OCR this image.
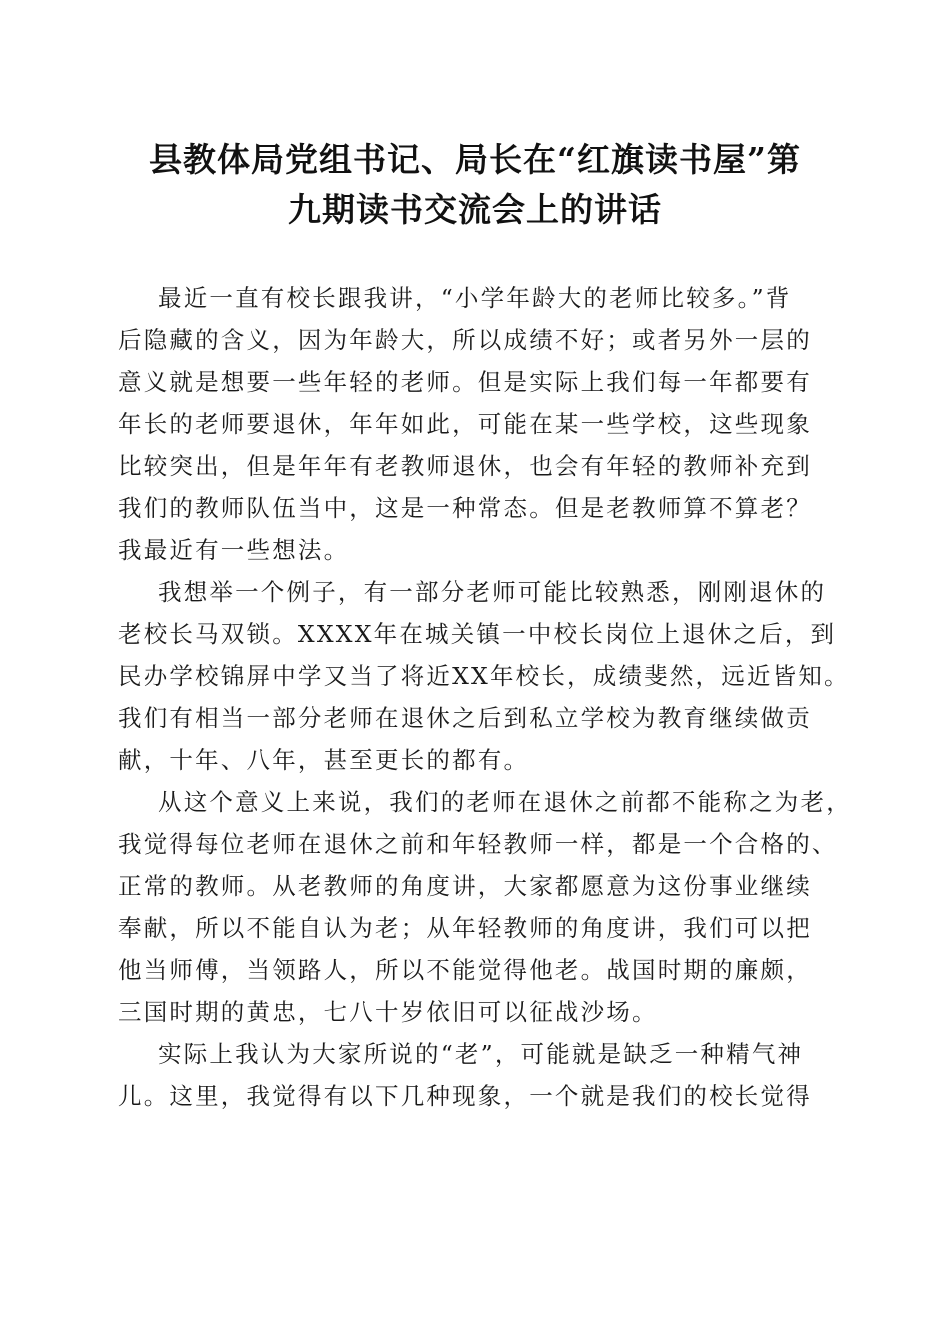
县教体局党组书记、局长在“红旗读书屋”第
九期读书交流会上的讲话
最近一直有校长跟我讲，“小学年龄大的老师比较多。”背
后隐藏的含义，因为年龄大，所以成绩不好；或者另外一层的
意义就是想要一些年轻的老师。但是实际上我们每一年都要有
年长的老师要退休，年年如此，可能在某一些学校，这些现象
比较突出，但是年年有老教师退休，也会有年轻的教师补充到
我们的教师队伍当中，这是一种常态。但是老教师算不算老？
我最近有一些想法。
我想举一个例子，有一部分老师可能比较熟悉，刚刚退休的
老校长马双锁。XXXX年在城关镇一中校长岗位上退休之后，到
民办学校锦屏中学又当了将近XX年校长，成绩斐然，远近皆知。
我们有相当一部分老师在退休之后到私立学校为教育继续做贡
献，十年、八年，甚至更长的都有。
从这个意义上来说，我们的老师在退休之前都不能称之为老，
我觉得每位老师在退休之前和年轻教师一样，都是一个合格的、
正常的教师。从老教师的角度讲，大家都愿意为这份事业继续
奉献，所以不能自认为老；从年轻教师的角度讲，我们可以把
他当师傅，当领路人，所以不能觉得他老。战国时期的廉颇，
三国时期的黄忠，七八十岁依旧可以征战沙场。
实际上我认为大家所说的“老”，可能就是缺乏一种精气神
儿。这里，我觉得有以下几种现象，一个就是我们的校长觉得
